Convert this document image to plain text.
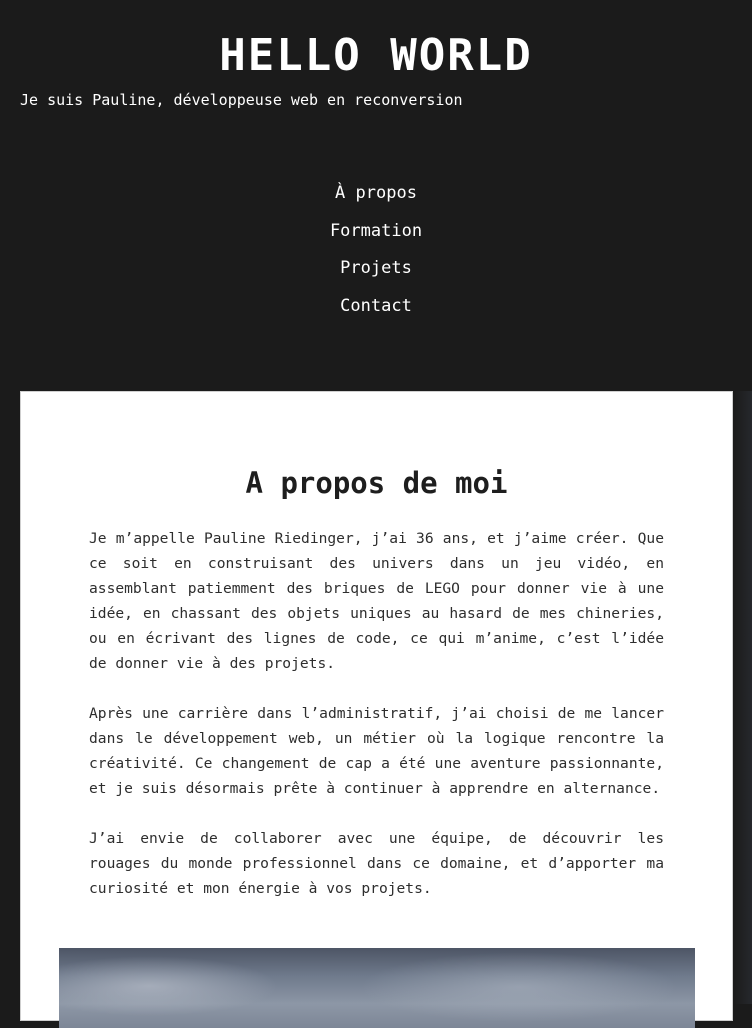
HELLO WORLD

Je suis Pauline, développeuse web en reconversion

À propos
Formation
Projets
Contact
A propos de moi

Je m’appelle Pauline Riedinger, j’ai 36 ans, et j’aime créer. Que ce soit en construisant des univers dans un jeu vidéo, en assemblant patiemment des briques de LEGO pour donner vie à une idée, en chassant des objets uniques au hasard de mes chineries, ou en écrivant des lignes de code, ce qui m’anime, c’est l’idée de donner vie à des projets.

Après une carrière dans l’administratif, j’ai choisi de me lancer dans le développement web, un métier où la logique rencontre la créativité. Ce changement de cap a été une aventure passionnante, et je suis désormais prête à continuer à apprendre en alternance.

J’ai envie de collaborer avec une équipe, de découvrir les rouages du monde professionnel dans ce domaine, et d’apporter ma curiosité et mon énergie à vos projets.
